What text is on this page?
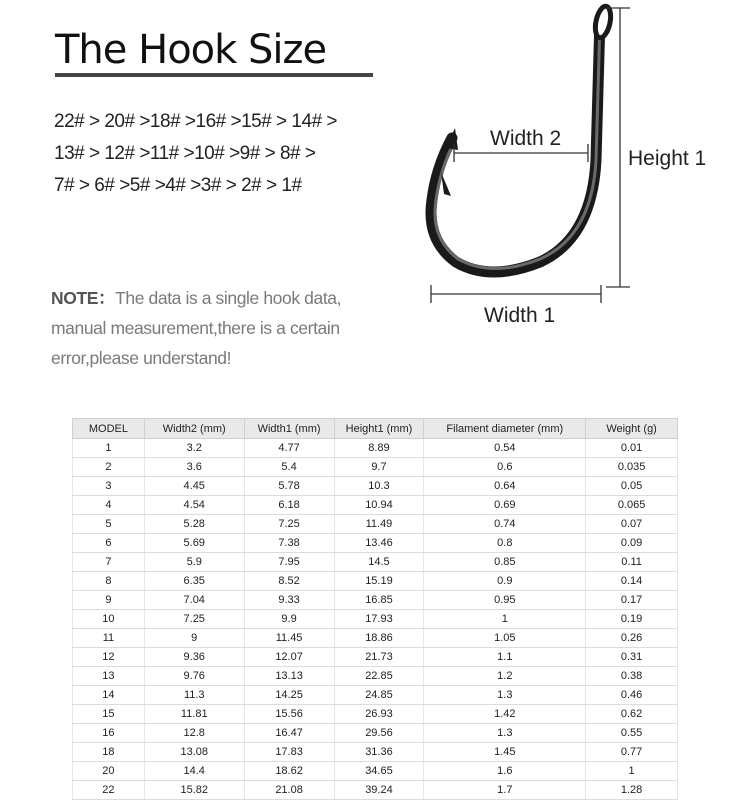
The Hook Size
22# > 20# >18# >16# >15# > 14# >
13# > 12# >11# >10# >9# > 8# >
7# > 6# >5# >4# >3# > 2# > 1#
NOTE：The data is a single hook data,
manual measurement,there is a certain
error,please understand!
Height 1
Width 2
Width 1
MODEL	Width2 (mm)	Width1 (mm)	Height1 (mm)	Filament diameter (mm)	Weight (g)
1	3.2	4.77	8.89	0.54	0.01
2	3.6	5.4	9.7	0.6	0.035
3	4.45	5.78	10.3	0.64	0.05
4	4.54	6.18	10.94	0.69	0.065
5	5.28	7.25	11.49	0.74	0.07
6	5.69	7.38	13.46	0.8	0.09
7	5.9	7.95	14.5	0.85	0.11
8	6.35	8.52	15.19	0.9	0.14
9	7.04	9.33	16.85	0.95	0.17
10	7.25	9.9	17.93	1	0.19
11	9	11.45	18.86	1.05	0.26
12	9.36	12.07	21.73	1.1	0.31
13	9.76	13.13	22.85	1.2	0.38
14	11.3	14.25	24.85	1.3	0.46
15	11.81	15.56	26.93	1.42	0.62
16	12.8	16.47	29.56	1.3	0.55
18	13.08	17.83	31.36	1.45	0.77
20	14.4	18.62	34.65	1.6	1
22	15.82	21.08	39.24	1.7	1.28
